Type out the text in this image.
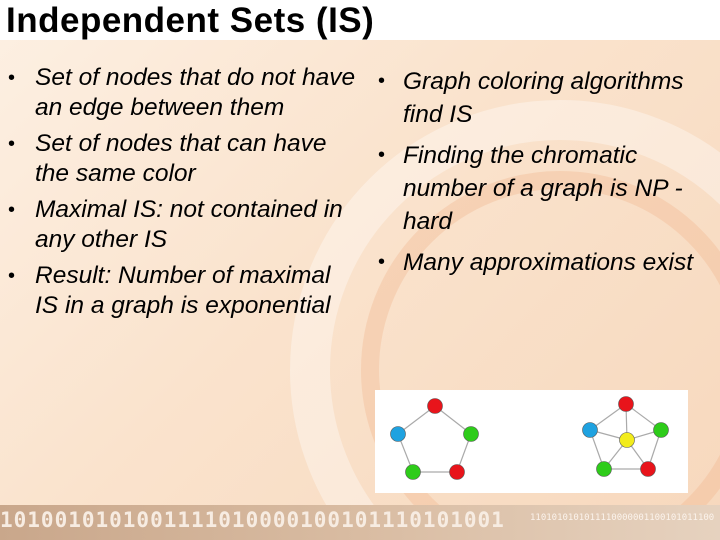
Independent Sets (IS)
• Set of nodes that do not have an edge between them
• Set of nodes that can have the same color
• Maximal IS: not contained in any other IS
• Result: Number of maximal IS in a graph is exponential
• Graph coloring algorithms find IS
• Finding the chromatic number of a graph is NP -hard
• Many approximations exist
1010010101001111010000100101110101001	1101010101011110000001100101011100
